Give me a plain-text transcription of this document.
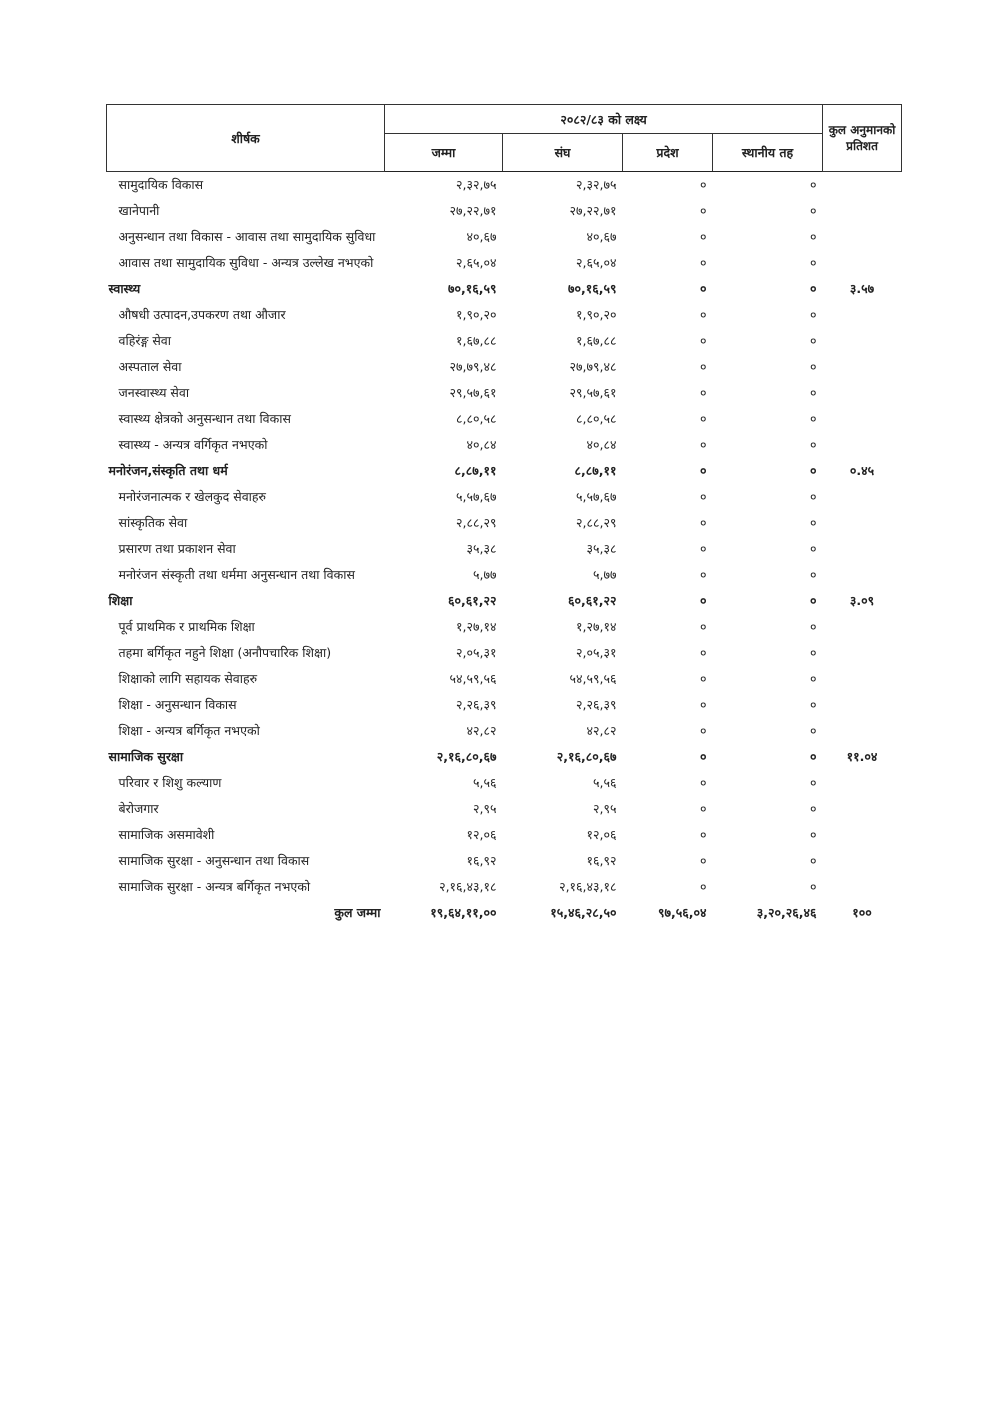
शीर्षक	२०८२/८३ को लक्ष्य				कुल अनुमानको प्रतिशत
	जम्मा	संघ	प्रदेश	स्थानीय तह	
सामुदायिक विकास	२,३२,७५	२,३२,७५	०	०	
खानेपानी	२७,२२,७१	२७,२२,७१	०	०	
अनुसन्धान तथा विकास - आवास तथा सामुदायिक सुविधा	४०,६७	४०,६७	०	०	
आवास तथा सामुदायिक सुविधा - अन्यत्र उल्लेख नभएको	२,६५,०४	२,६५,०४	०	०	
स्वास्थ्य	७०,१६,५९	७०,१६,५९	०	०	३.५७
औषधी उत्पादन,उपकरण तथा औजार	१,९०,२०	१,९०,२०	०	०	
वहिरंङ्ग सेवा	१,६७,८८	१,६७,८८	०	०	
अस्पताल सेवा	२७,७९,४८	२७,७९,४८	०	०	
जनस्वास्थ्य सेवा	२९,५७,६१	२९,५७,६१	०	०	
स्वास्थ्य क्षेत्रको अनुसन्धान तथा विकास	८,८०,५८	८,८०,५८	०	०	
स्वास्थ्य - अन्यत्र वर्गिकृत नभएको	४०,८४	४०,८४	०	०	
मनोरंजन,संस्कृति तथा धर्म	८,८७,११	८,८७,११	०	०	०.४५
मनोरंजनात्मक र खेलकुद सेवाहरु	५,५७,६७	५,५७,६७	०	०	
सांस्कृतिक सेवा	२,८८,२९	२,८८,२९	०	०	
प्रसारण तथा प्रकाशन सेवा	३५,३८	३५,३८	०	०	
मनोरंजन संस्कृती तथा धर्ममा अनुसन्धान तथा विकास	५,७७	५,७७	०	०	
शिक्षा	६०,६१,२२	६०,६१,२२	०	०	३.०९
पूर्व प्राथमिक र प्राथमिक शिक्षा	१,२७,१४	१,२७,१४	०	०	
तहमा बर्गिकृत नहुने शिक्षा (अनौपचारिक शिक्षा)	२,०५,३१	२,०५,३१	०	०	
शिक्षाको लागि सहायक सेवाहरु	५४,५९,५६	५४,५९,५६	०	०	
शिक्षा - अनुसन्धान विकास	२,२६,३९	२,२६,३९	०	०	
शिक्षा - अन्यत्र बर्गिकृत नभएको	४२,८२	४२,८२	०	०	
सामाजिक सुरक्षा	२,१६,८०,६७	२,१६,८०,६७	०	०	११.०४
परिवार र शिशु कल्याण	५,५६	५,५६	०	०	
बेरोजगार	२,९५	२,९५	०	०	
सामाजिक असमावेशी	१२,०६	१२,०६	०	०	
सामाजिक सुरक्षा - अनुसन्धान तथा विकास	१६,९२	१६,९२	०	०	
सामाजिक सुरक्षा - अन्यत्र बर्गिकृत नभएको	२,१६,४३,१८	२,१६,४३,१८	०	०	
कुल जम्मा	१९,६४,११,००	१५,४६,२८,५०	९७,५६,०४	३,२०,२६,४६	१००
